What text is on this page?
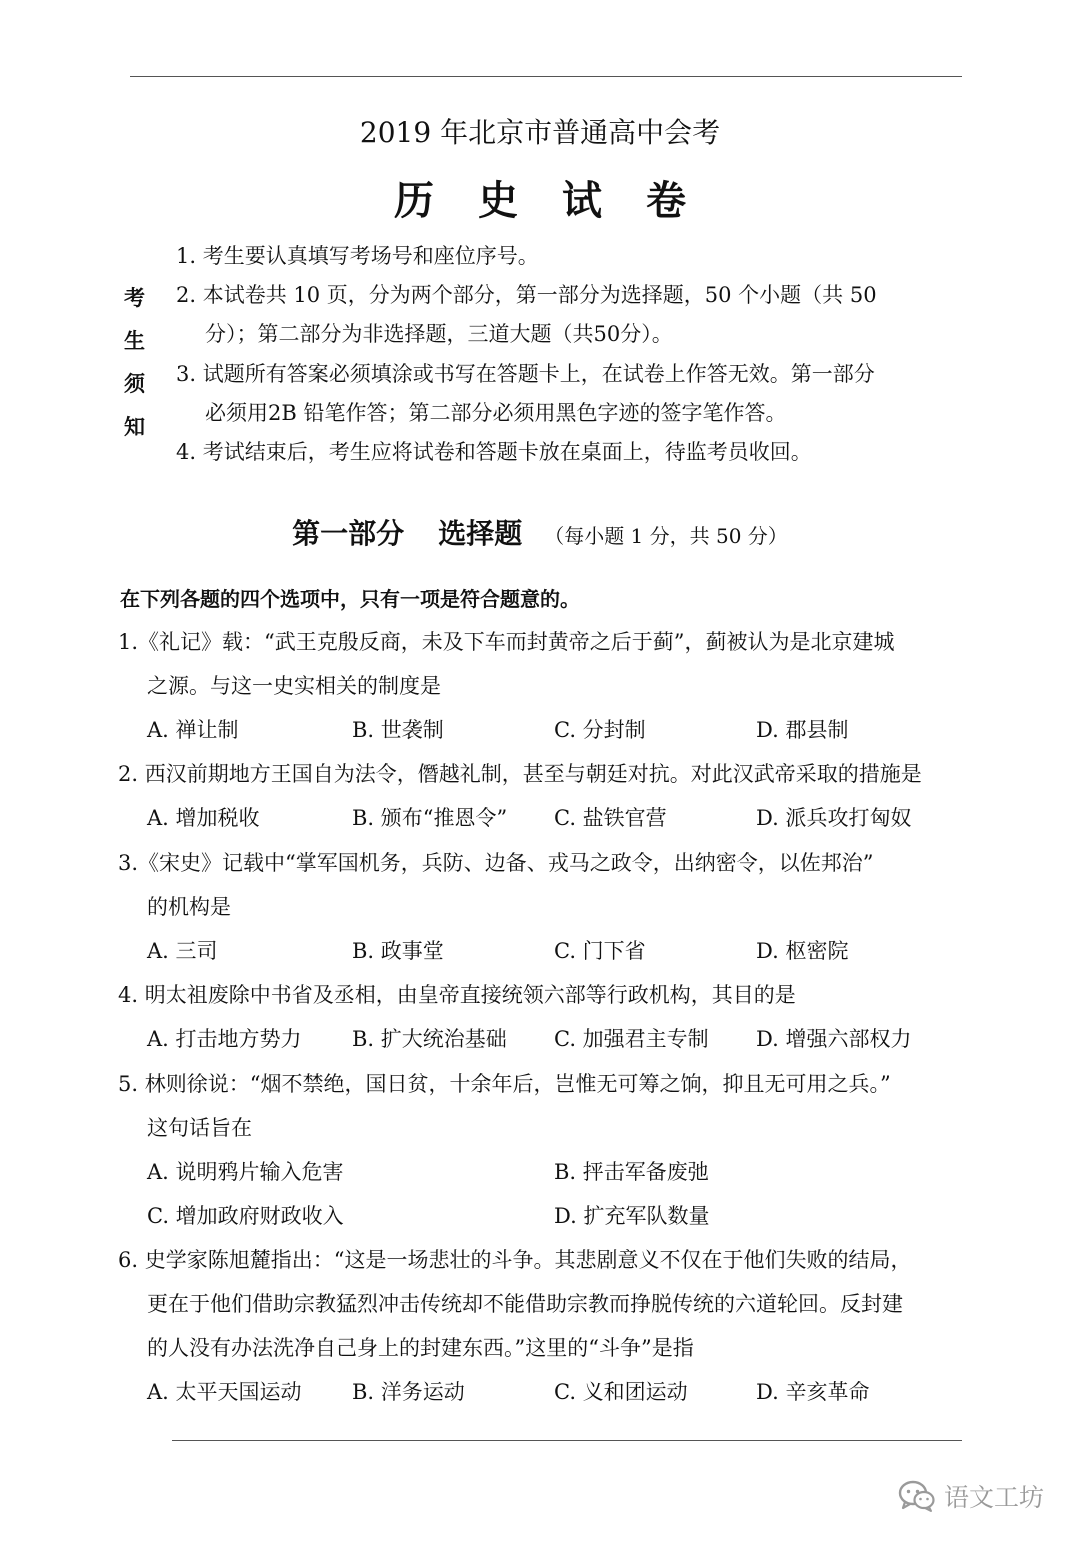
2019 年北京市普通高中会考
历史试卷
考
生
须
知
1. 考生要认真填写考场号和座位序号。
2. 本试卷共 10 页，分为两个部分，第一部分为选择题，50 个小题（共 50
分）；第二部分为非选择题，三道大题（共50分）。
3. 试题所有答案必须填涂或书写在答题卡上，在试卷上作答无效。第一部分
必须用2B 铅笔作答；第二部分必须用黑色字迹的签字笔作答。
4. 考试结束后，考生应将试卷和答题卡放在桌面上，待监考员收回。
第一部分 选择题 （每小题 1 分，共 50 分）
在下列各题的四个选项中，只有一项是符合题意的。
1.《礼记》载：“武王克殷反商，未及下车而封黄帝之后于蓟”，蓟被认为是北京建城
之源。与这一史实相关的制度是
A. 禅让制	B. 世袭制	C. 分封制	D. 郡县制
2. 西汉前期地方王国自为法令，僭越礼制，甚至与朝廷对抗。对此汉武帝采取的措施是
A. 增加税收	B. 颁布“推恩令” C. 盐铁官营	D. 派兵攻打匈奴
3.《宋史》记载中“掌军国机务，兵防、边备、戎马之政令，出纳密令，以佐邦治”
的机构是
A. 三司	B. 政事堂	C. 门下省	D. 枢密院
4. 明太祖废除中书省及丞相，由皇帝直接统领六部等行政机构，其目的是
A. 打击地方势力 B. 扩大统治基础 C. 加强君主专制 D. 增强六部权力
5. 林则徐说：“烟不禁绝，国日贫，十余年后，岂惟无可筹之饷，抑且无可用之兵。”
这句话旨在
A. 说明鸦片输入危害	B. 抨击军备废弛
C. 增加政府财政收入	D. 扩充军队数量
6. 史学家陈旭麓指出：“这是一场悲壮的斗争。其悲剧意义不仅在于他们失败的结局，
更在于他们借助宗教猛烈冲击传统却不能借助宗教而挣脱传统的六道轮回。反封建
的人没有办法洗净自己身上的封建东西。”这里的“斗争”是指
A. 太平天国运动 B. 洋务运动	C. 义和团运动	D. 辛亥革命
语文工坊
